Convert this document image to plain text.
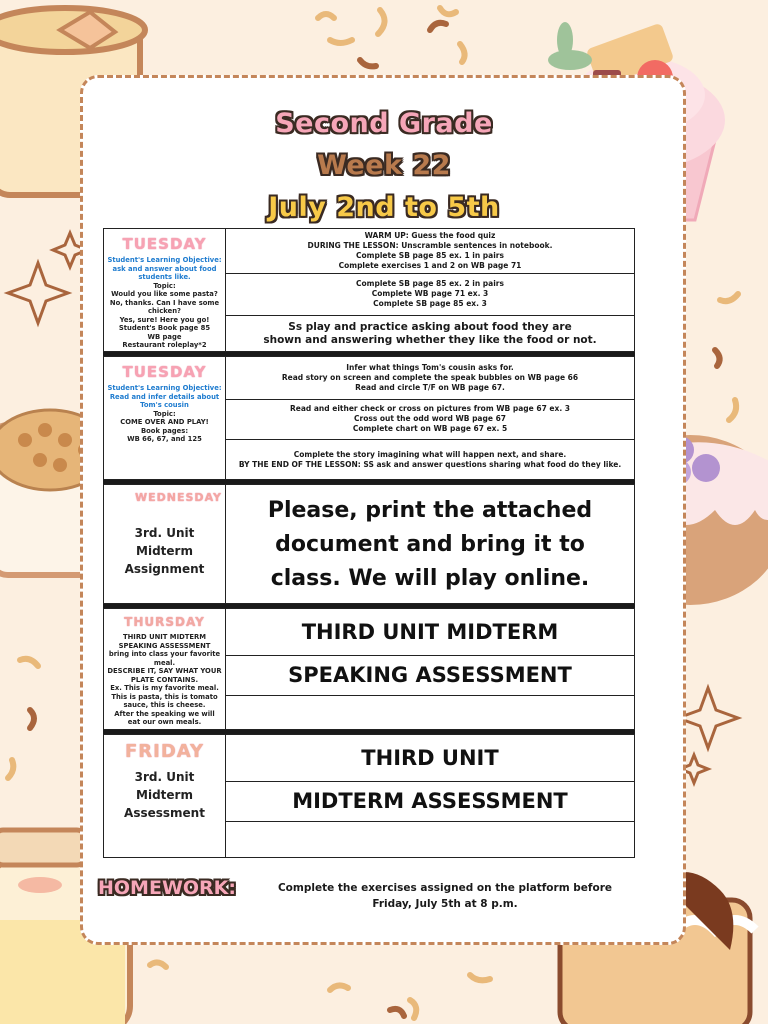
Second Grade
Week 22
July 2nd to 5th
TUESDAY
Student's Learning Objective: ask and answer about food students like.
Topic:
Would you like some pasta?
No, thanks. Can I have some chicken?
Yes, sure! Here you go!
Student's Book page 85
WB page
Restaurant roleplay*2
WARM UP: Guess the food quiz
DURING THE LESSON: Unscramble sentences in notebook.
Complete SB page 85 ex. 1 in pairs
Complete exercises 1 and 2 on WB page 71
Complete SB page 85 ex. 2 in pairs
Complete WB page 71 ex. 3
Complete SB page 85 ex. 3
Ss play and practice asking about food they are
shown and answering whether they like the food or not.
TUESDAY
Student's Learning Objective: Read and infer details about Tom's cousin
Topic:
COME OVER AND PLAY!
Book pages:
WB 66, 67, and 125
Infer what things Tom's cousin asks for.
Read story on screen and complete the speak bubbles on WB page 66
Read and circle T/F on WB page 67.
Read and either check or cross on pictures from WB page 67 ex. 3
Cross out the odd word WB page 67
Complete chart on WB page 67 ex. 5
Complete the story imagining what will happen next, and share.
BY THE END OF THE LESSON: SS ask and answer questions sharing what food do they like.
WEDNESDAY
3rd. Unit
Midterm
Assignment
Please, print the attached
document and bring it to
class. We will play online.
THURSDAY
THIRD UNIT MIDTERM SPEAKING ASSESSMENT
bring into class your favorite meal.
DESCRIBE IT, SAY WHAT YOUR PLATE CONTAINS.
Ex. This is my favorite meal. This is pasta, this is tomato sauce, this is cheese.
After the speaking we will eat our own meals.
THIRD UNIT MIDTERM
SPEAKING ASSESSMENT
FRIDAY
3rd. Unit
Midterm
Assessment
THIRD UNIT
MIDTERM ASSESSMENT
HOMEWORK:	Complete the exercises assigned on the platform before Friday, July 5th at 8 p.m.
